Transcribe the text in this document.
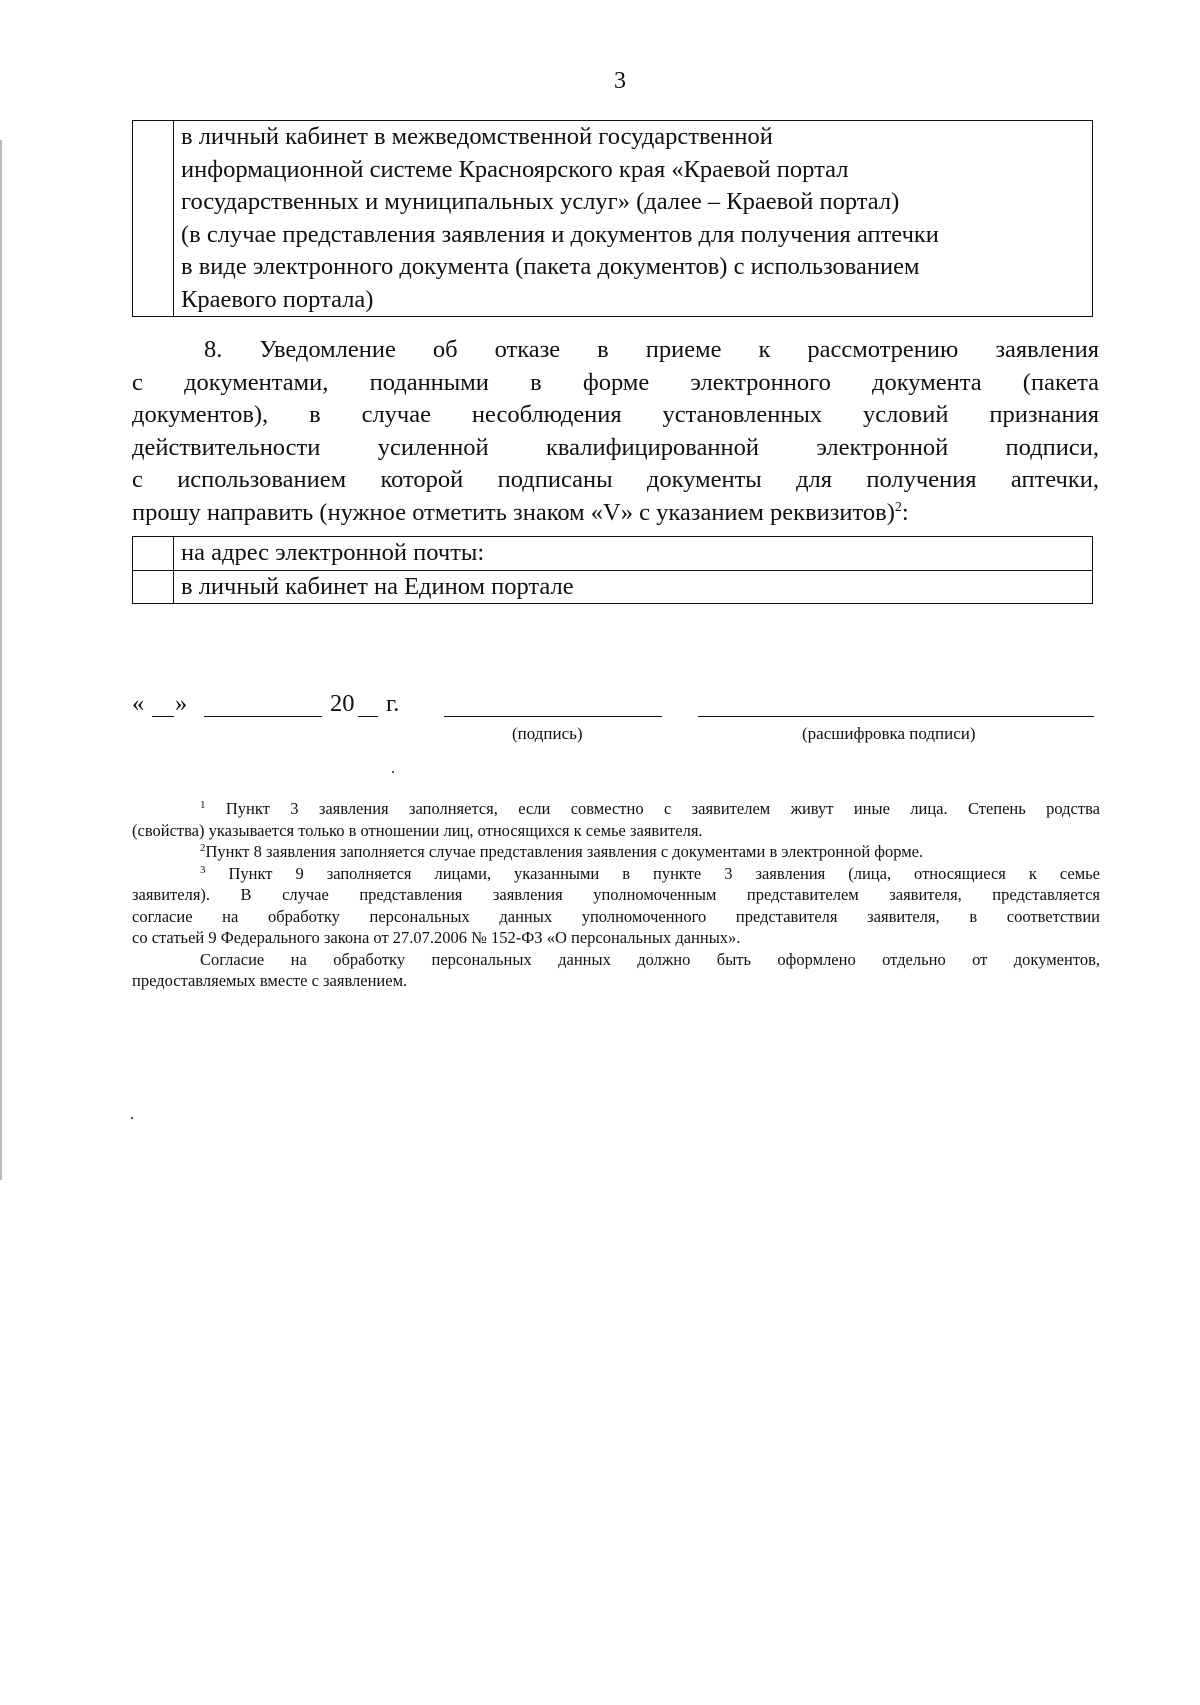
3

в личный кабинет в межведомственной государственной
информационной системе Красноярского края «Краевой портал
государственных и муниципальных услуг» (далее – Краевой портал)
(в случае представления заявления и документов для получения аптечки
в виде электронного документа (пакета документов) с использованием
Краевого портала)
8. Уведомление об отказе в приеме к рассмотрению заявления
с документами, поданными в форме электронного документа (пакета
документов), в случае несоблюдения установленных условий признания
действительности усиленной квалифицированной электронной подписи,
с использованием которой подписаны документы для получения аптечки,
прошу направить (нужное отметить знаком «V» с указанием реквизитов)$^2$:
	на адрес электронной почты:
	в личный кабинет на Едином портале
« »	20 г.
(подпись)	(расшифровка подписи)
$^1$ Пункт 3 заявления заполняется, если совместно с заявителем живут иные лица. Степень родства
(свойства) указывается только в отношении лиц, относящихся к семье заявителя.
$^2$Пункт 8 заявления заполняется случае представления заявления с документами в электронной форме.
$^3$ Пункт 9 заполняется лицами, указанными в пункте 3 заявления (лица, относящиеся к семье
заявителя). В случае представления заявления уполномоченным представителем заявителя, представляется
согласие на обработку персональных данных уполномоченного представителя заявителя, в соответствии
со статьей 9 Федерального закона от 27.07.2006 № 152-ФЗ «О персональных данных».
Согласие на обработку персональных данных должно быть оформлено отдельно от документов,
предоставляемых вместе с заявлением.
